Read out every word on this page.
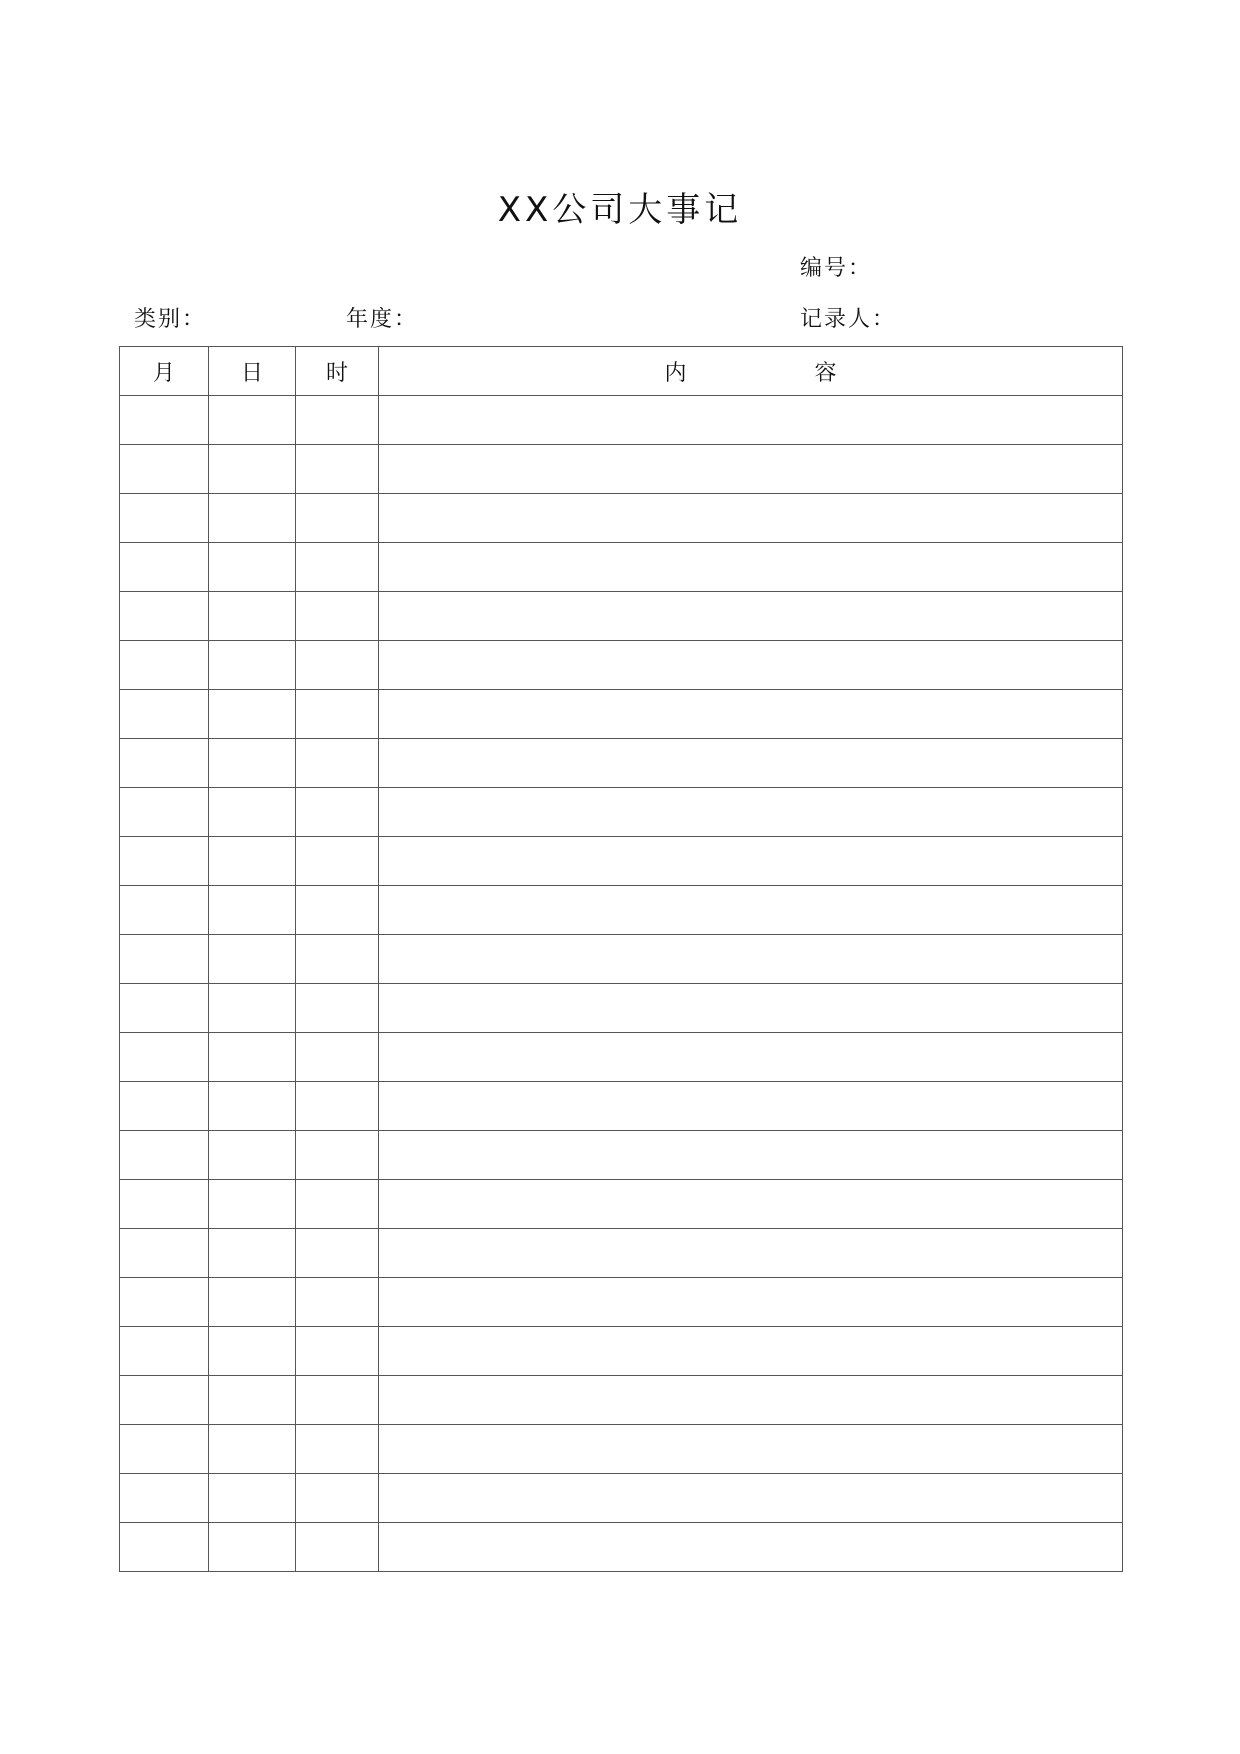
XX公司大事记
编号：
类别：	年度：	记录人：
月	日	时	内 容
